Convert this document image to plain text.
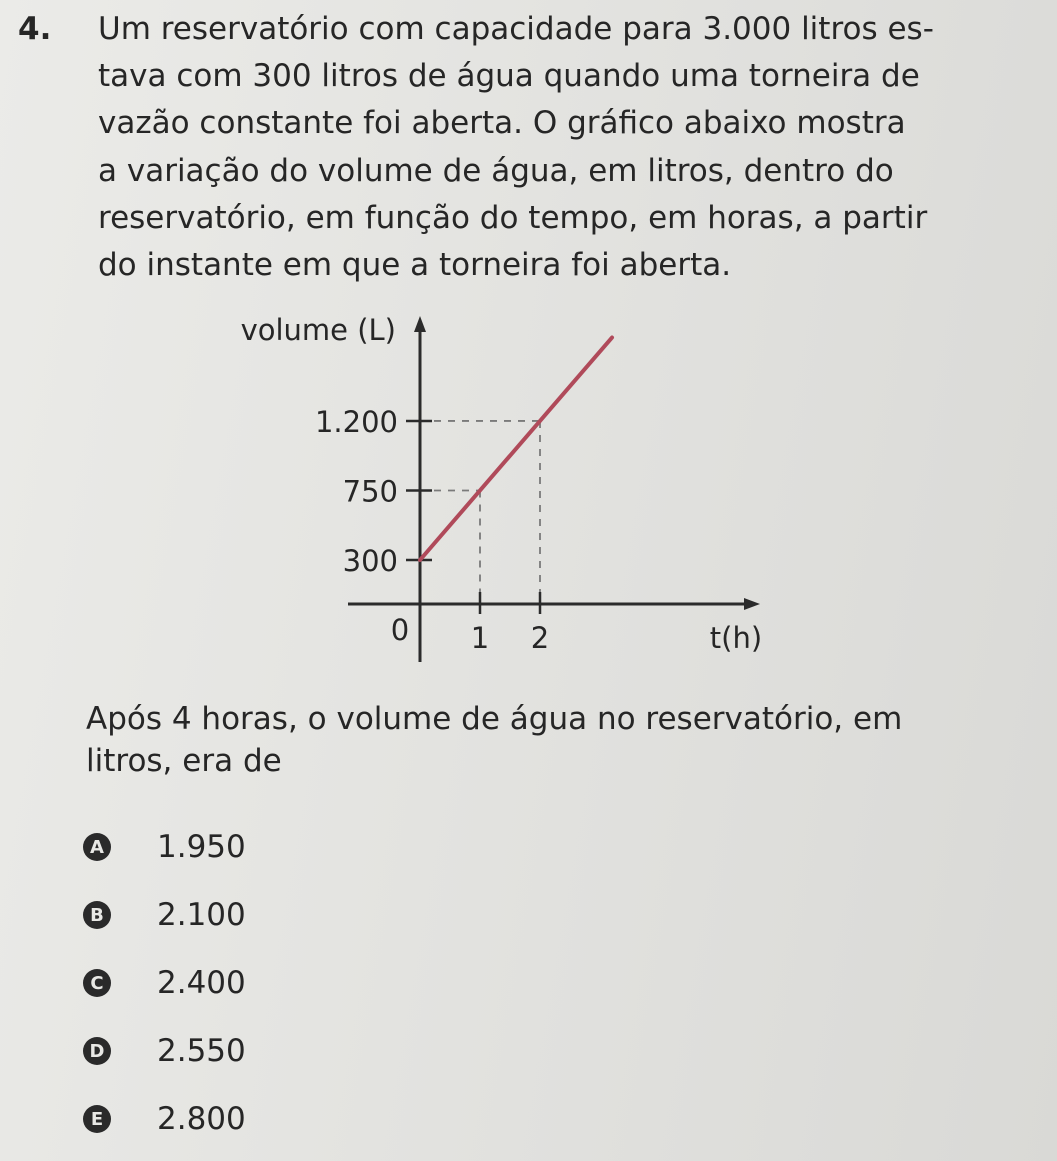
4. Um reservatório com capacidade para 3.000 litros es-
tava com 300 litros de água quando uma torneira de
vazão constante foi aberta. O gráfico abaixo mostra
a variação do volume de água, em litros, dentro do
reservatório, em função do tempo, em horas, a partir
do instante em que a torneira foi aberta.
300
750
1.200
1 2
0
volume (L)
t(h)
Após 4 horas, o volume de água no reservatório, em
litros, era de
A 1.950
B 2.100
C 2.400
D 2.550
E 2.800
